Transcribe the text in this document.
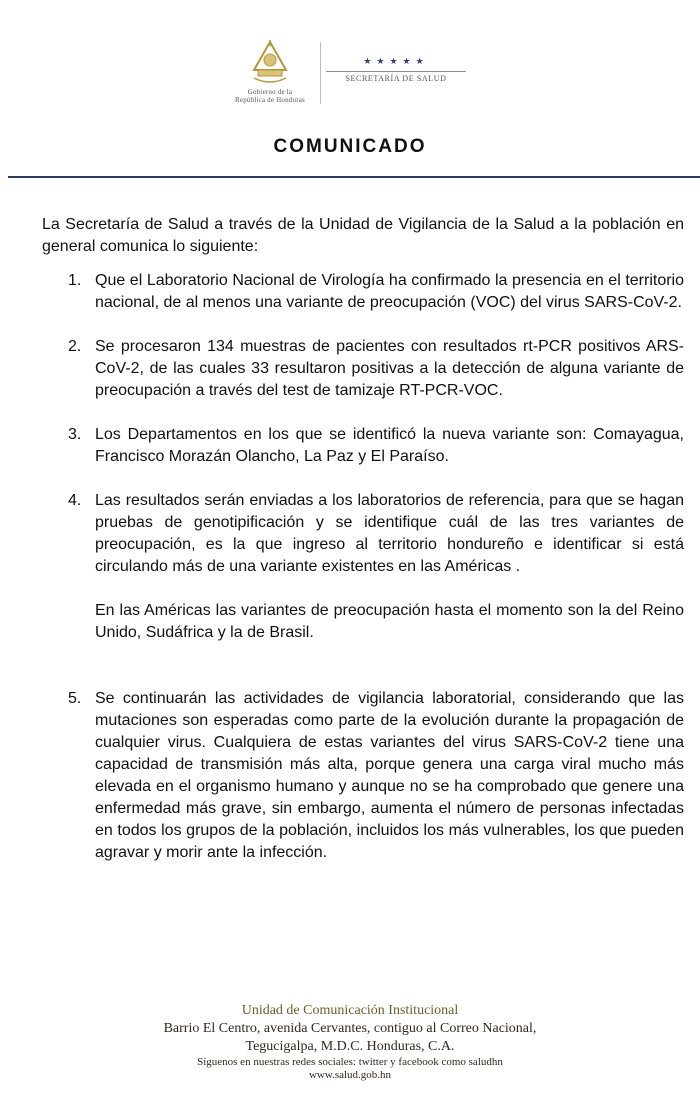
Gobierno de la
República de Honduras
★★★★★
SECRETARÍA DE SALUD
COMUNICADO

La Secretaría de Salud a través de la Unidad de Vigilancia de la Salud a la población en general comunica lo siguiente:

1. Que el Laboratorio Nacional de Virología ha confirmado la presencia en el territorio nacional, de al menos una variante de preocupación (VOC) del virus SARS-CoV-2.

2. Se procesaron 134 muestras de pacientes con resultados rt-PCR positivos ARS-CoV-2, de las cuales 33 resultaron positivas a la detección de alguna variante de preocupación a través del test de tamizaje RT-PCR-VOC.

3. Los Departamentos en los que se identificó la nueva variante son: Comayagua, Francisco Morazán Olancho, La Paz y El Paraíso.

4. Las resultados serán enviadas a los laboratorios de referencia, para que se hagan pruebas de genotipificación y se identifique cuál de las tres variantes de preocupación, es la que ingreso al territorio hondureño e identificar si está circulando más de una variante existentes en las Américas .

En las Américas las variantes de preocupación hasta el momento son la del Reino Unido, Sudáfrica y la de Brasil.

5. Se continuarán las actividades de vigilancia laboratorial, considerando que las mutaciones son esperadas como parte de la evolución durante la propagación de cualquier virus. Cualquiera de estas variantes del virus SARS-CoV-2 tiene una capacidad de transmisión más alta, porque genera una carga viral mucho más elevada en el organismo humano y aunque no se ha comprobado que genere una enfermedad más grave, sin embargo, aumenta el número de personas infectadas en todos los grupos de la población, incluidos los más vulnerables, los que pueden agravar y morir ante la infección.

Unidad de Comunicación Institucional
Barrio El Centro, avenida Cervantes, contiguo al Correo Nacional,
Tegucigalpa, M.D.C. Honduras, C.A.
Síguenos en nuestras redes sociales: twitter y facebook como saludhn
www.salud.gob.hn
